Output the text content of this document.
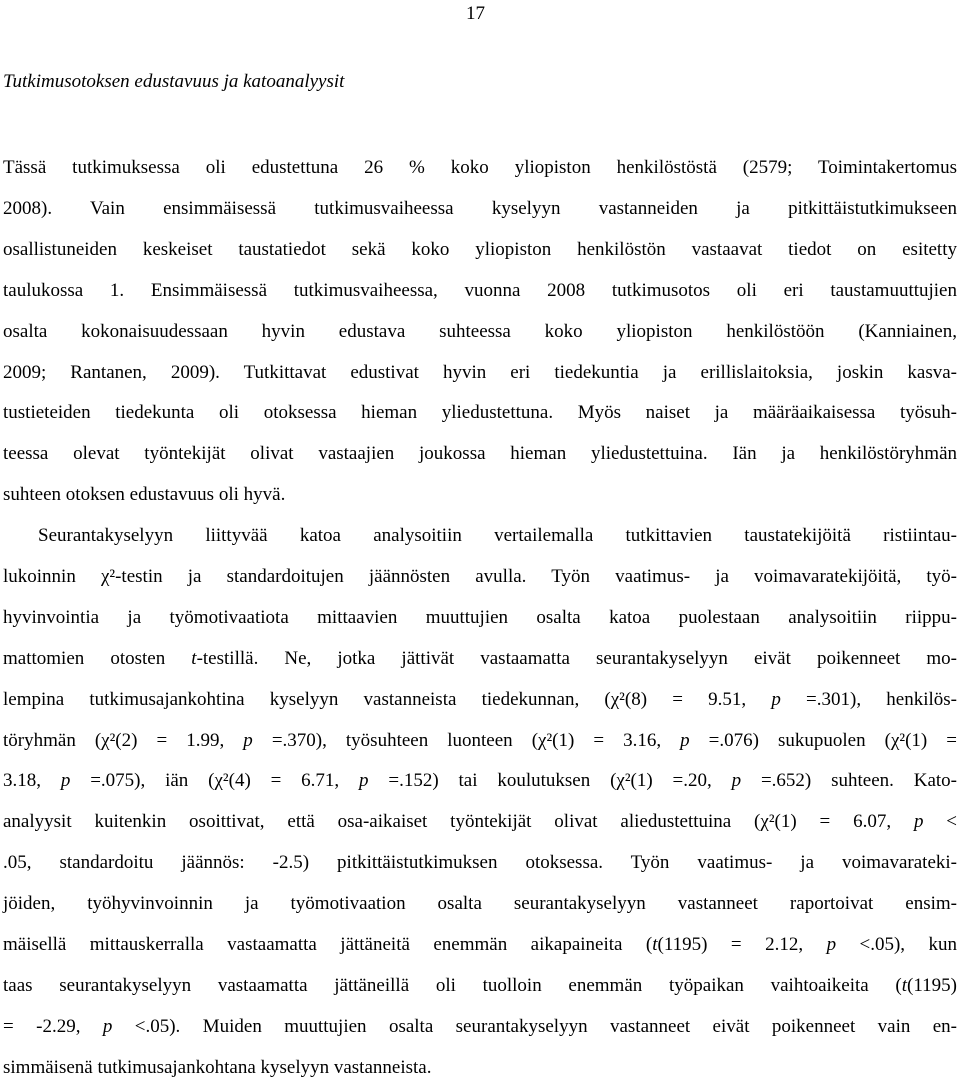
17
Tutkimusotoksen edustavuus ja katoanalyysit
Tässä tutkimuksessa oli edustettuna 26 % koko yliopiston henkilöstöstä (2579; Toimintakertomus
2008). Vain ensimmäisessä tutkimusvaiheessa kyselyyn vastanneiden ja pitkittäistutkimukseen
osallistuneiden keskeiset taustatiedot sekä koko yliopiston henkilöstön vastaavat tiedot on esitetty
taulukossa 1. Ensimmäisessä tutkimusvaiheessa, vuonna 2008 tutkimusotos oli eri taustamuuttujien
osalta kokonaisuudessaan hyvin edustava suhteessa koko yliopiston henkilöstöön (Kanniainen,
2009; Rantanen, 2009). Tutkittavat edustivat hyvin eri tiedekuntia ja erillislaitoksia, joskin kasva-
tustieteiden tiedekunta oli otoksessa hieman yliedustettuna. Myös naiset ja määräaikaisessa työsuh-
teessa olevat työntekijät olivat vastaajien joukossa hieman yliedustettuina. Iän ja henkilöstöryhmän
suhteen otoksen edustavuus oli hyvä.
Seurantakyselyyn liittyvää katoa analysoitiin vertailemalla tutkittavien taustatekijöitä ristiintau-
lukoinnin χ²-testin ja standardoitujen jäännösten avulla. Työn vaatimus- ja voimavaratekijöitä, työ-
hyvinvointia ja työmotivaatiota mittaavien muuttujien osalta katoa puolestaan analysoitiin riippu-
mattomien otosten t-testillä. Ne, jotka jättivät vastaamatta seurantakyselyyn eivät poikenneet mo-
lempina tutkimusajankohtina kyselyyn vastanneista tiedekunnan, (χ²(8) = 9.51, p =.301), henkilös-
töryhmän (χ²(2) = 1.99, p =.370), työsuhteen luonteen (χ²(1) = 3.16, p =.076) sukupuolen (χ²(1) =
3.18, p =.075), iän (χ²(4) = 6.71, p =.152) tai koulutuksen (χ²(1) =.20, p =.652) suhteen. Kato-
analyysit kuitenkin osoittivat, että osa-aikaiset työntekijät olivat aliedustettuina (χ²(1) = 6.07, p <
.05, standardoitu jäännös: -2.5) pitkittäistutkimuksen otoksessa. Työn vaatimus- ja voimavarateki-
jöiden, työhyvinvoinnin ja työmotivaation osalta seurantakyselyyn vastanneet raportoivat ensim-
mäisellä mittauskerralla vastaamatta jättäneitä enemmän aikapaineita (t(1195) = 2.12, p <.05), kun
taas seurantakyselyyn vastaamatta jättäneillä oli tuolloin enemmän työpaikan vaihtoaikeita (t(1195)
= -2.29, p <.05). Muiden muuttujien osalta seurantakyselyyn vastanneet eivät poikenneet vain en-
simmäisenä tutkimusajankohtana kyselyyn vastanneista.
